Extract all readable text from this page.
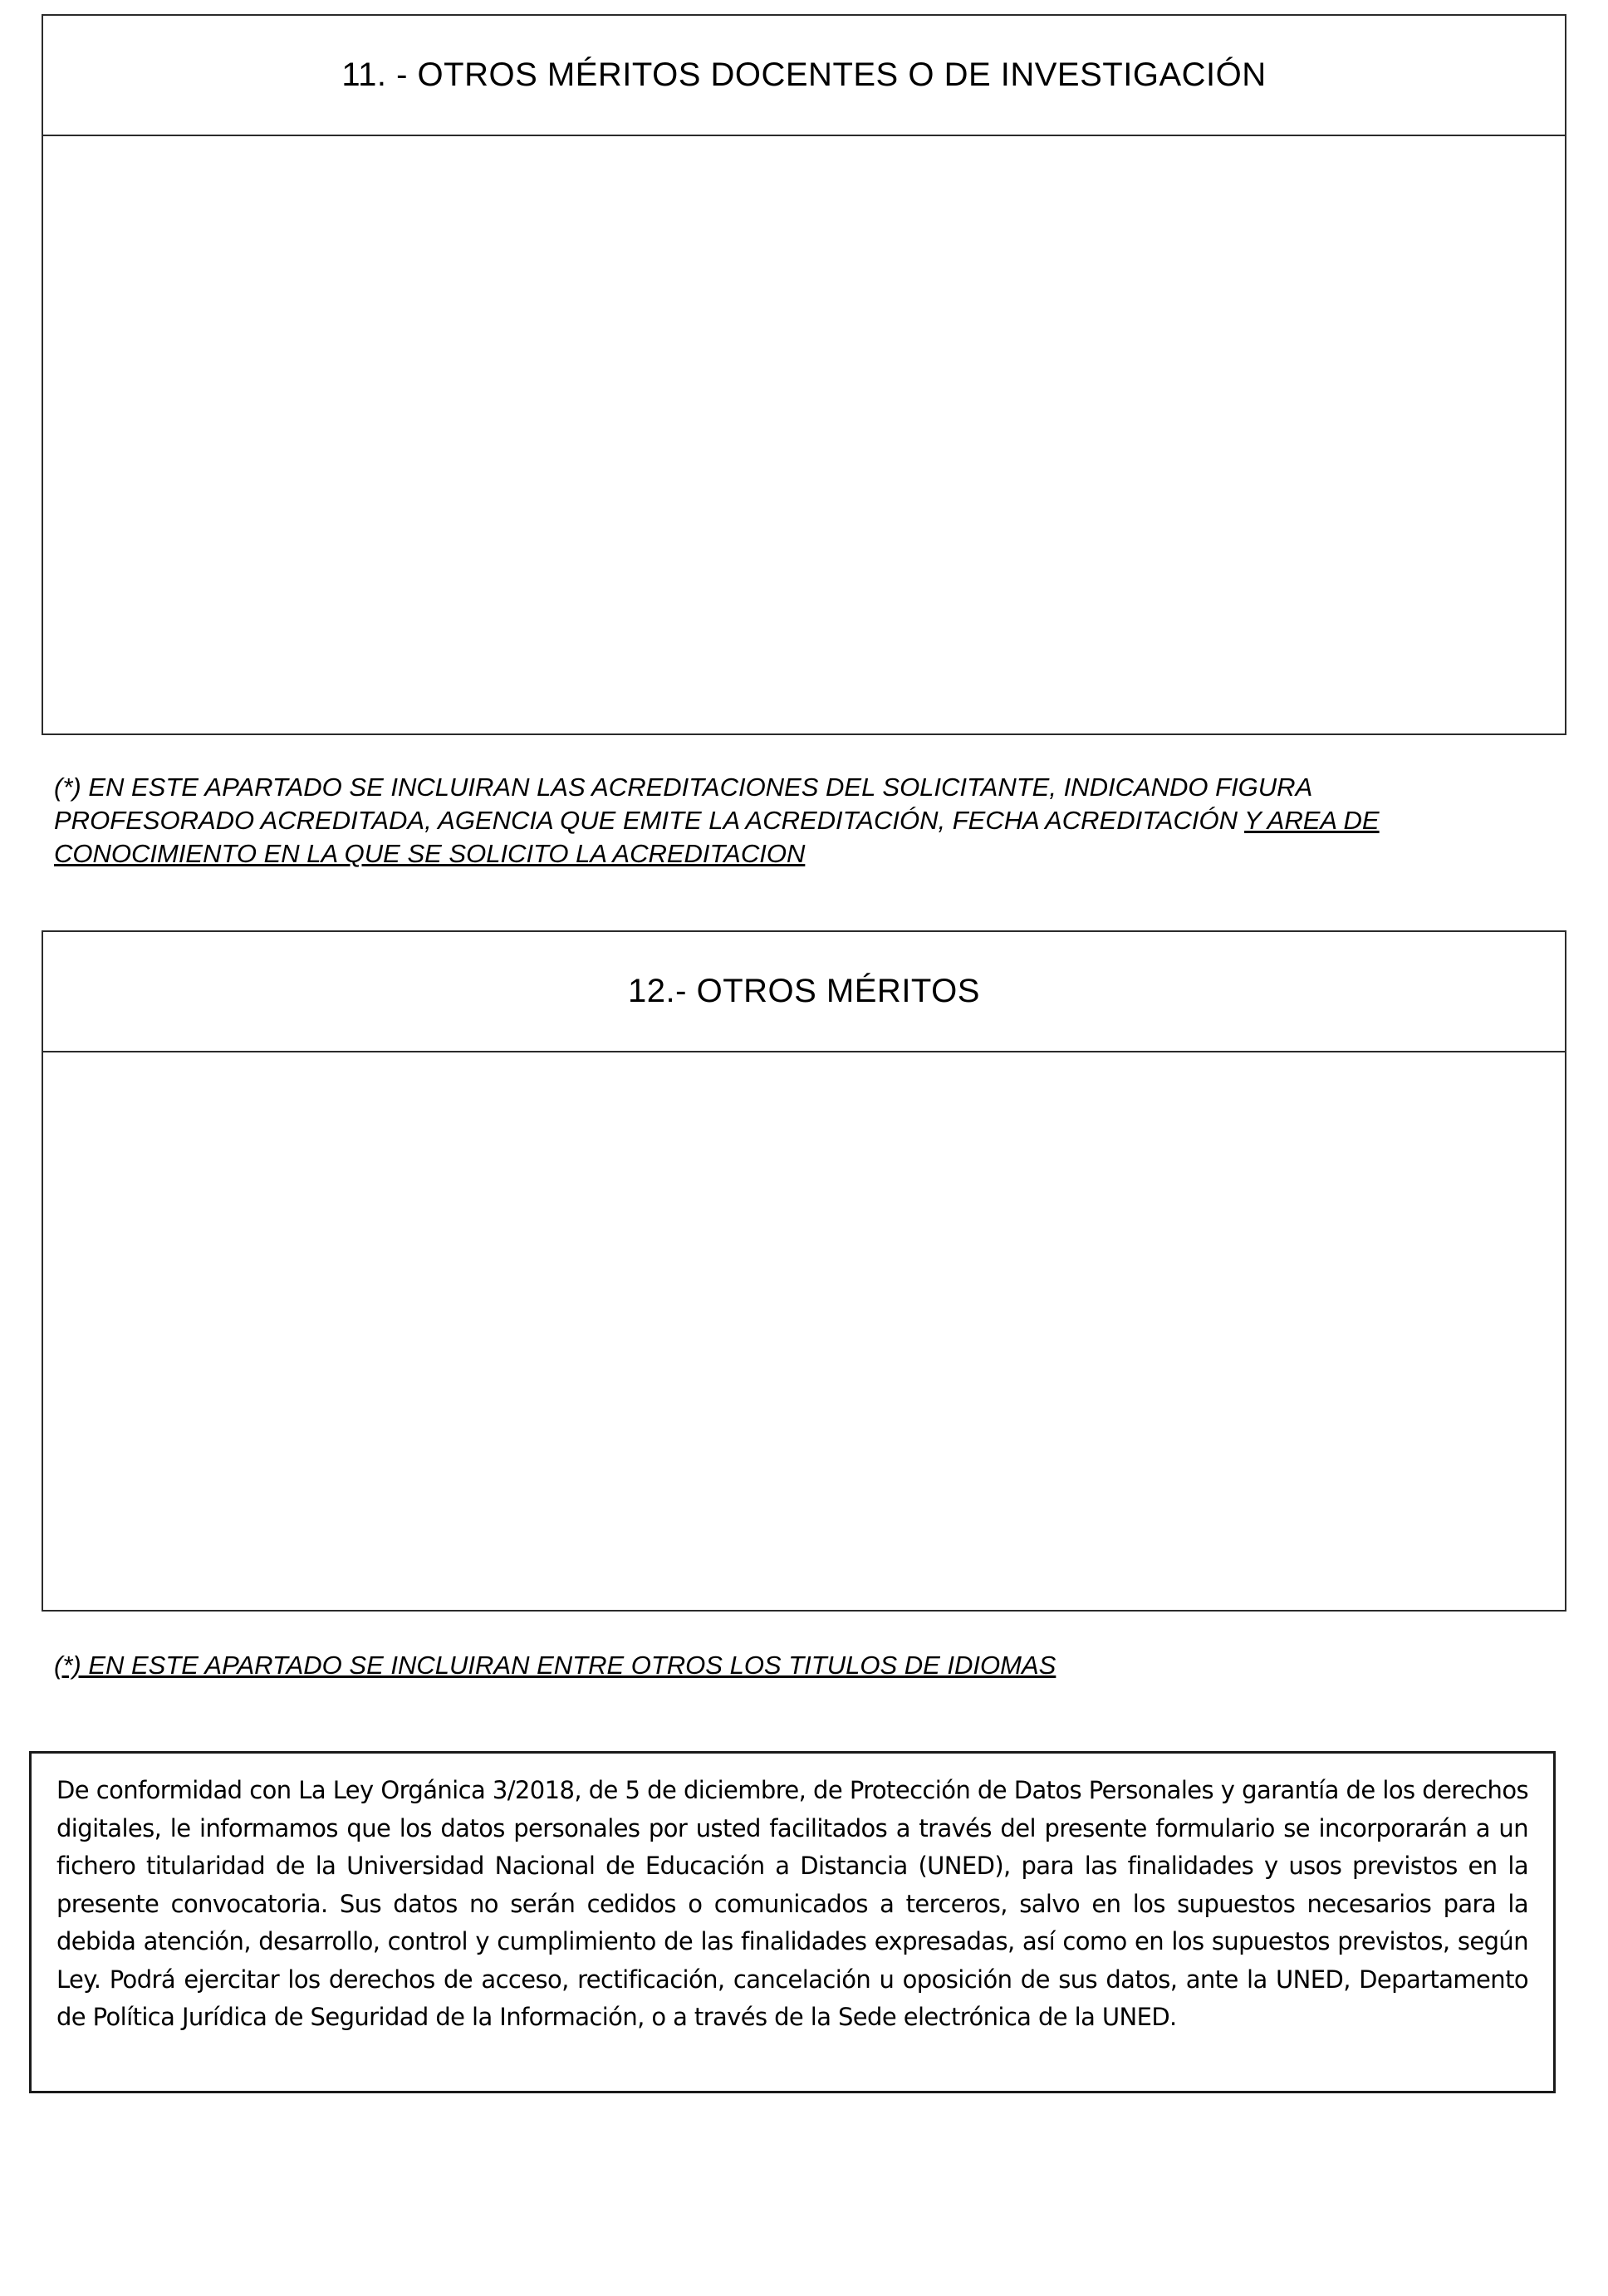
11. - OTROS MÉRITOS DOCENTES O DE INVESTIGACIÓN

(*) EN ESTE APARTADO SE INCLUIRAN LAS ACREDITACIONES DEL SOLICITANTE, INDICANDO FIGURA PROFESORADO ACREDITADA, AGENCIA QUE EMITE LA ACREDITACIÓN, FECHA ACREDITACIÓN Y AREA DE CONOCIMIENTO EN LA QUE SE SOLICITO LA ACREDITACION

12.- OTROS MÉRITOS

(*) EN ESTE APARTADO SE INCLUIRAN ENTRE OTROS LOS TITULOS DE IDIOMAS

De conformidad con La Ley Orgánica 3/2018, de 5 de diciembre, de Protección de Datos Personales y garantía de los derechos digitales, le informamos que los datos personales por usted facilitados a través del presente formulario se incorporarán a un fichero titularidad de la Universidad Nacional de Educación a Distancia (UNED), para las finalidades y usos previstos en la presente convocatoria. Sus datos no serán cedidos o comunicados a terceros, salvo en los supuestos necesarios para la debida atención, desarrollo, control y cumplimiento de las finalidades expresadas, así como en los supuestos previstos, según Ley. Podrá ejercitar los derechos de acceso, rectificación, cancelación u oposición de sus datos, ante la UNED, Departamento de Política Jurídica de Seguridad de la Información, o a través de la Sede electrónica de la UNED.
